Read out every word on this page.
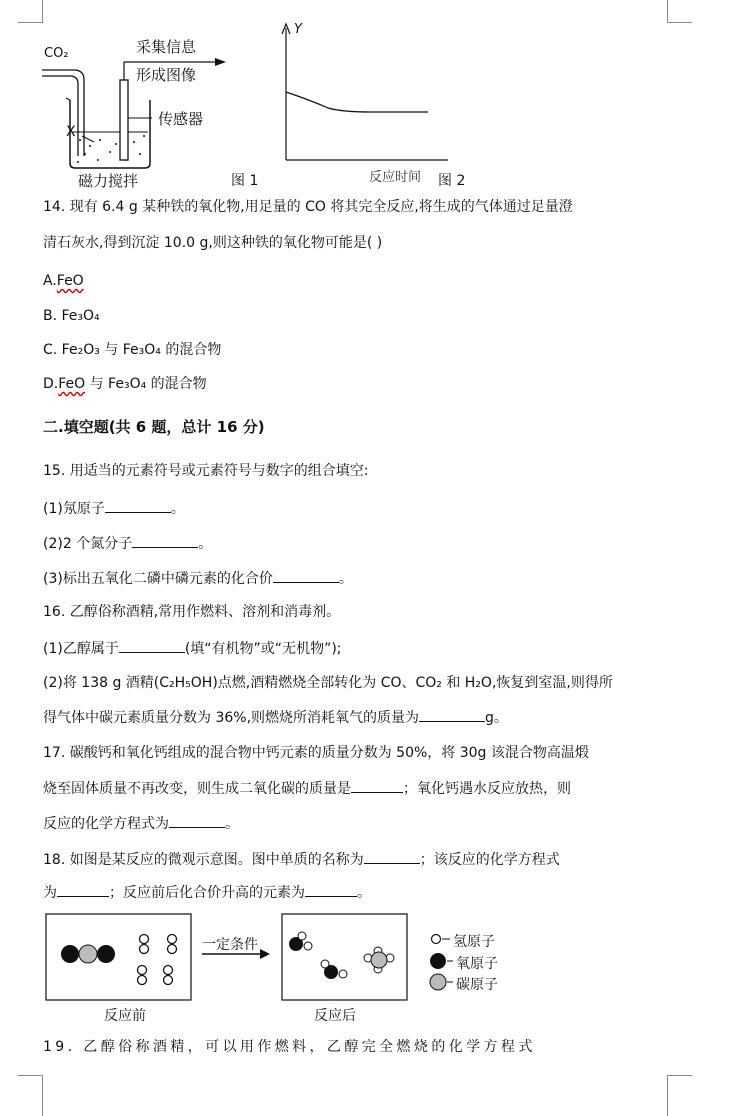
CO₂	采集信息
形成图像
传感器
X
磁力搅拌	图 1
Y
反应时间 图 2
14. 现有 6.4 g 某种铁的氧化物,用足量的 CO 将其完全反应,将生成的气体通过足量澄
清石灰水,得到沉淀 10.0 g,则这种铁的氧化物可能是( )
A.FeO
B. Fe₃O₄
C. Fe₂O₃ 与 Fe₃O₄ 的混合物
D.FeO 与 Fe₃O₄ 的混合物
二.填空题(共 6 题，总计 16 分)
15. 用适当的元素符号或元素符号与数字的组合填空:
(1)氖原子	。
(2)2 个氮分子	。
(3)标出五氧化二磷中磷元素的化合价	。
16. 乙醇俗称酒精,常用作燃料、溶剂和消毒剂。
(1)乙醇属于	(填“有机物”或“无机物”);
(2)将 138 g 酒精(C₂H₅OH)点燃,酒精燃烧全部转化为 CO、CO₂ 和 H₂O,恢复到室温,则得所
得气体中碳元素质量分数为 36%,则燃烧所消耗氧气的质量为	g。
17. 碳酸钙和氧化钙组成的混合物中钙元素的质量分数为 50%，将 30g 该混合物高温煅
烧至固体质量不再改变，则生成二氧化碳的质量是	；氧化钙遇水反应放热，则
反应的化学方程式为	。
18. 如图是某反应的微观示意图。图中单质的名称为	；该反应的化学方程式
为	；反应前后化合价升高的元素为	。
一定条件	氢原子
氧原子
碳原子
反应前	反应后
19. 乙醇俗称酒精，可以用作燃料，乙醇完全燃烧的化学方程式
